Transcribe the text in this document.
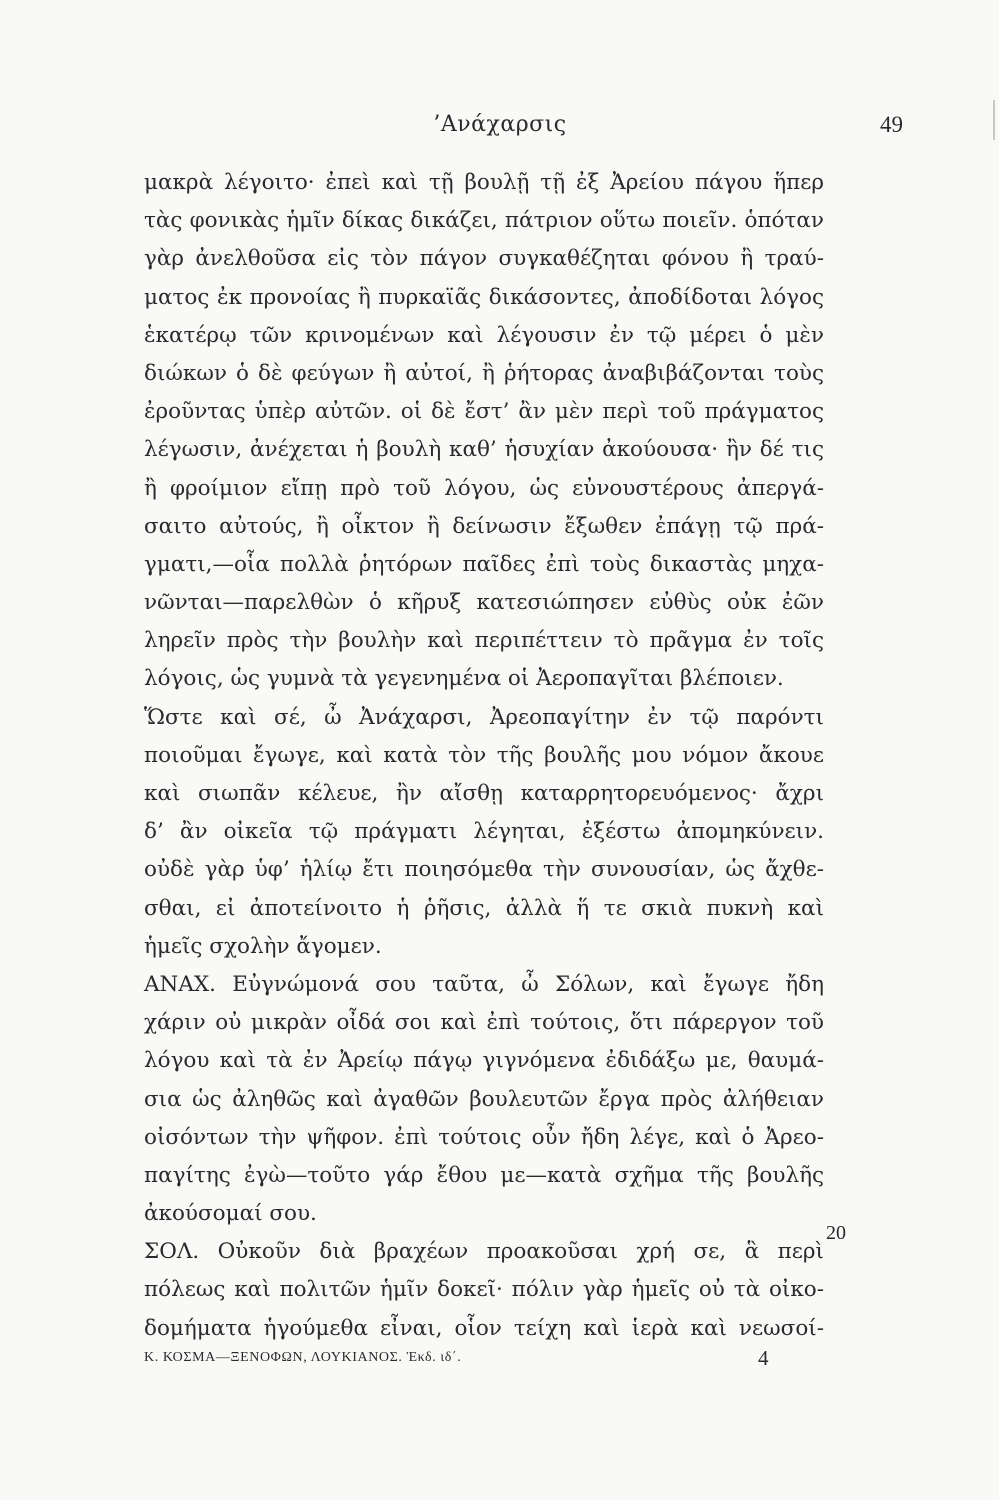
’Ανάχαρσις	49
μακρὰ λέγοιτο· ἐπεὶ καὶ τῇ βουλῇ τῇ ἐξ Ἀρείου πάγου ἥπερ
τὰς φονικὰς ἡμῖν δίκας δικάζει, πάτριον οὕτω ποιεῖν. ὁπόταν
γὰρ ἀνελθοῦσα εἰς τὸν πάγον συγκαθέζηται φόνου ἢ τραύ-
ματος ἐκ προνοίας ἢ πυρκαϊᾶς δικάσοντες, ἀποδίδοται λόγος
ἑκατέρῳ τῶν κρινομένων καὶ λέγουσιν ἐν τῷ μέρει ὁ μὲν
διώκων ὁ δὲ φεύγων ἢ αὐτοί, ἢ ῥήτορας ἀναβιβάζονται τοὺς
ἐροῦντας ὑπὲρ αὐτῶν. οἱ δὲ ἔστ’ ἂν μὲν περὶ τοῦ πράγματος
λέγωσιν, ἀνέχεται ἡ βουλὴ καθ’ ἡσυχίαν ἀκούουσα· ἢν δέ τις
ἢ φροίμιον εἴπῃ πρὸ τοῦ λόγου, ὡς εὐνουστέρους ἀπεργά-
σαιτο αὐτούς, ἢ οἶκτον ἢ δείνωσιν ἔξωθεν ἐπάγῃ τῷ πρά-
γματι,—οἷα πολλὰ ῥητόρων παῖδες ἐπὶ τοὺς δικαστὰς μηχα-
νῶνται—παρελθὼν ὁ κῆρυξ κατεσιώπησεν εὐθὺς οὐκ ἐῶν
ληρεῖν πρὸς τὴν βουλὴν καὶ περιπέττειν τὸ πρᾶγμα ἐν τοῖς
λόγοις, ὡς γυμνὰ τὰ γεγενημένα οἱ Ἀεροπαγῖται βλέποιεν.
Ὥστε καὶ σέ, ὦ Ἀνάχαρσι, Ἀρεοπαγίτην ἐν τῷ παρόντι
ποιοῦμαι ἔγωγε, καὶ κατὰ τὸν τῆς βουλῆς μου νόμον ἄκουε
καὶ σιωπᾶν κέλευε, ἢν αἴσθῃ καταρρητορευόμενος· ἄχρι
δ’ ἂν οἰκεῖα τῷ πράγματι λέγηται, ἐξέστω ἀπομηκύνειν.
οὐδὲ γὰρ ὑφ’ ἡλίῳ ἔτι ποιησόμεθα τὴν συνουσίαν, ὡς ἄχθε-
σθαι, εἰ ἀποτείνοιτο ἡ ῥῆσις, ἀλλὰ ἥ τε σκιὰ πυκνὴ καὶ
ἡμεῖς σχολὴν ἄγομεν.
ΑΝΑΧ. Εὐγνώμονά σου ταῦτα, ὦ Σόλων, καὶ ἔγωγε ἤδη
χάριν οὐ μικρὰν οἶδά σοι καὶ ἐπὶ τούτοις, ὅτι πάρεργον τοῦ
λόγου καὶ τὰ ἐν Ἀρείῳ πάγῳ γιγνόμενα ἐδιδάξω με, θαυμά-
σια ὡς ἀληθῶς καὶ ἀγαθῶν βουλευτῶν ἔργα πρὸς ἀλήθειαν
οἰσόντων τὴν ψῆφον. ἐπὶ τούτοις οὖν ἤδη λέγε, καὶ ὁ Ἀρεο-
παγίτης ἐγὼ—τοῦτο γάρ ἔθου με—κατὰ σχῆμα τῆς βουλῆς
ἀκούσομαί σου.
ΣΟΛ. Οὐκοῦν διὰ βραχέων προακοῦσαι χρή σε, ἃ περὶ
πόλεως καὶ πολιτῶν ἡμῖν δοκεῖ· πόλιν γὰρ ἡμεῖς οὐ τὰ οἰκο-
δομήματα ἡγούμεθα εἶναι, οἷον τείχη καὶ ἱερὰ καὶ νεωσοί-
20
Κ. ΚΟΣΜΑ—ΞΕΝΟΦΩΝ, ΛΟΥΚΙΑΝΟΣ. Ἐκδ. ιδ΄.	4
